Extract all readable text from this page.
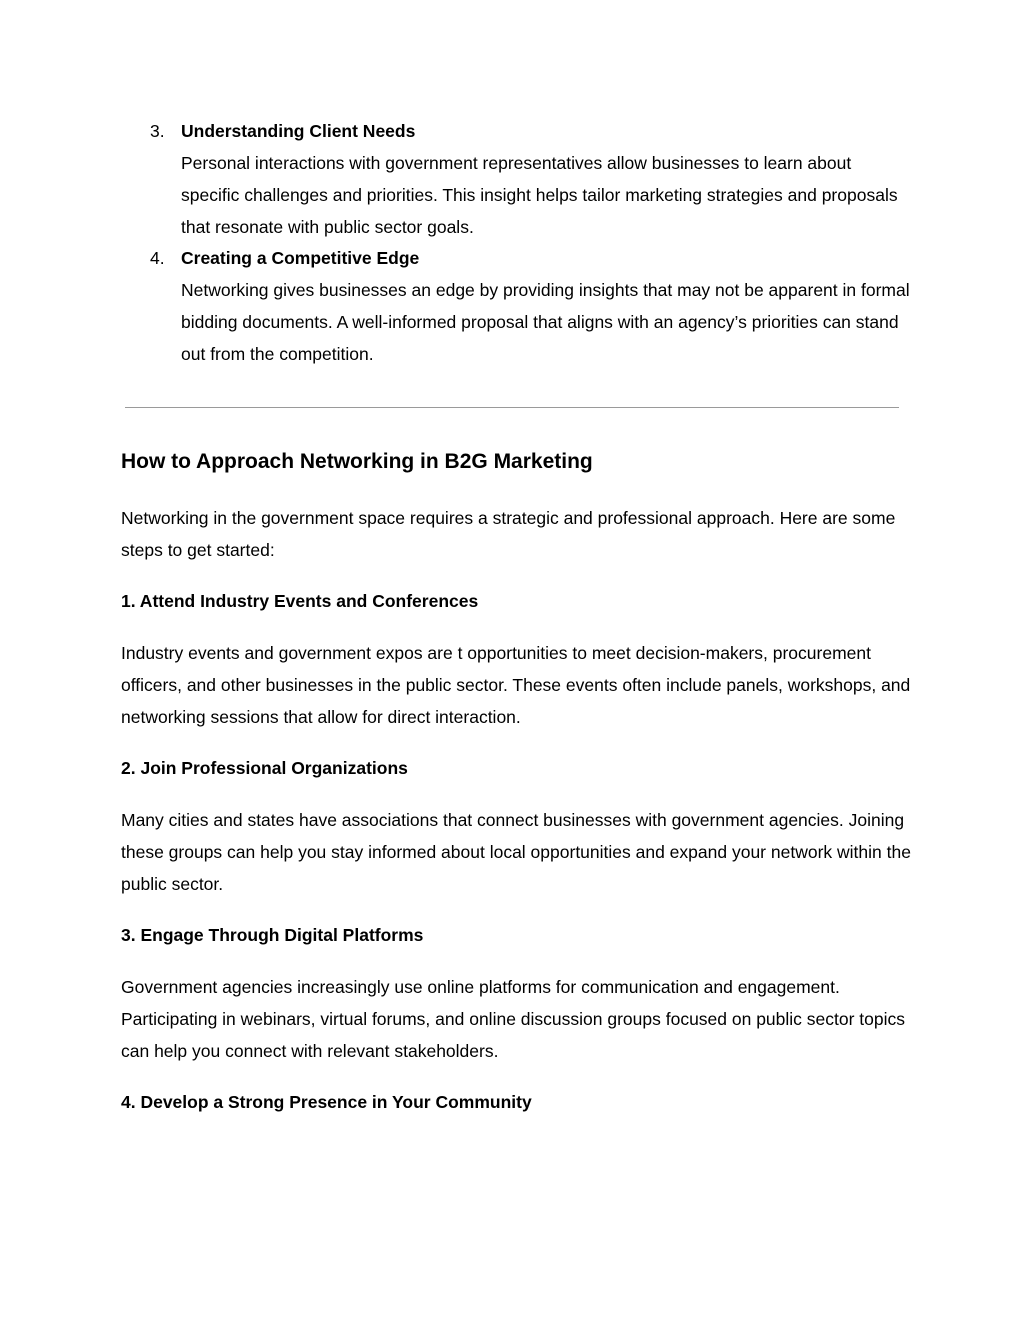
3. Understanding Client Needs
Personal interactions with government representatives allow businesses to learn about specific challenges and priorities. This insight helps tailor marketing strategies and proposals that resonate with public sector goals.
4. Creating a Competitive Edge
Networking gives businesses an edge by providing insights that may not be apparent in formal bidding documents. A well-informed proposal that aligns with an agency’s priorities can stand out from the competition.
How to Approach Networking in B2G Marketing
Networking in the government space requires a strategic and professional approach. Here are some steps to get started:
1. Attend Industry Events and Conferences
Industry events and government expos are t opportunities to meet decision-makers, procurement officers, and other businesses in the public sector. These events often include panels, workshops, and networking sessions that allow for direct interaction.
2. Join Professional Organizations
Many cities and states have associations that connect businesses with government agencies. Joining these groups can help you stay informed about local opportunities and expand your network within the public sector.
3. Engage Through Digital Platforms
Government agencies increasingly use online platforms for communication and engagement. Participating in webinars, virtual forums, and online discussion groups focused on public sector topics can help you connect with relevant stakeholders.
4. Develop a Strong Presence in Your Community
